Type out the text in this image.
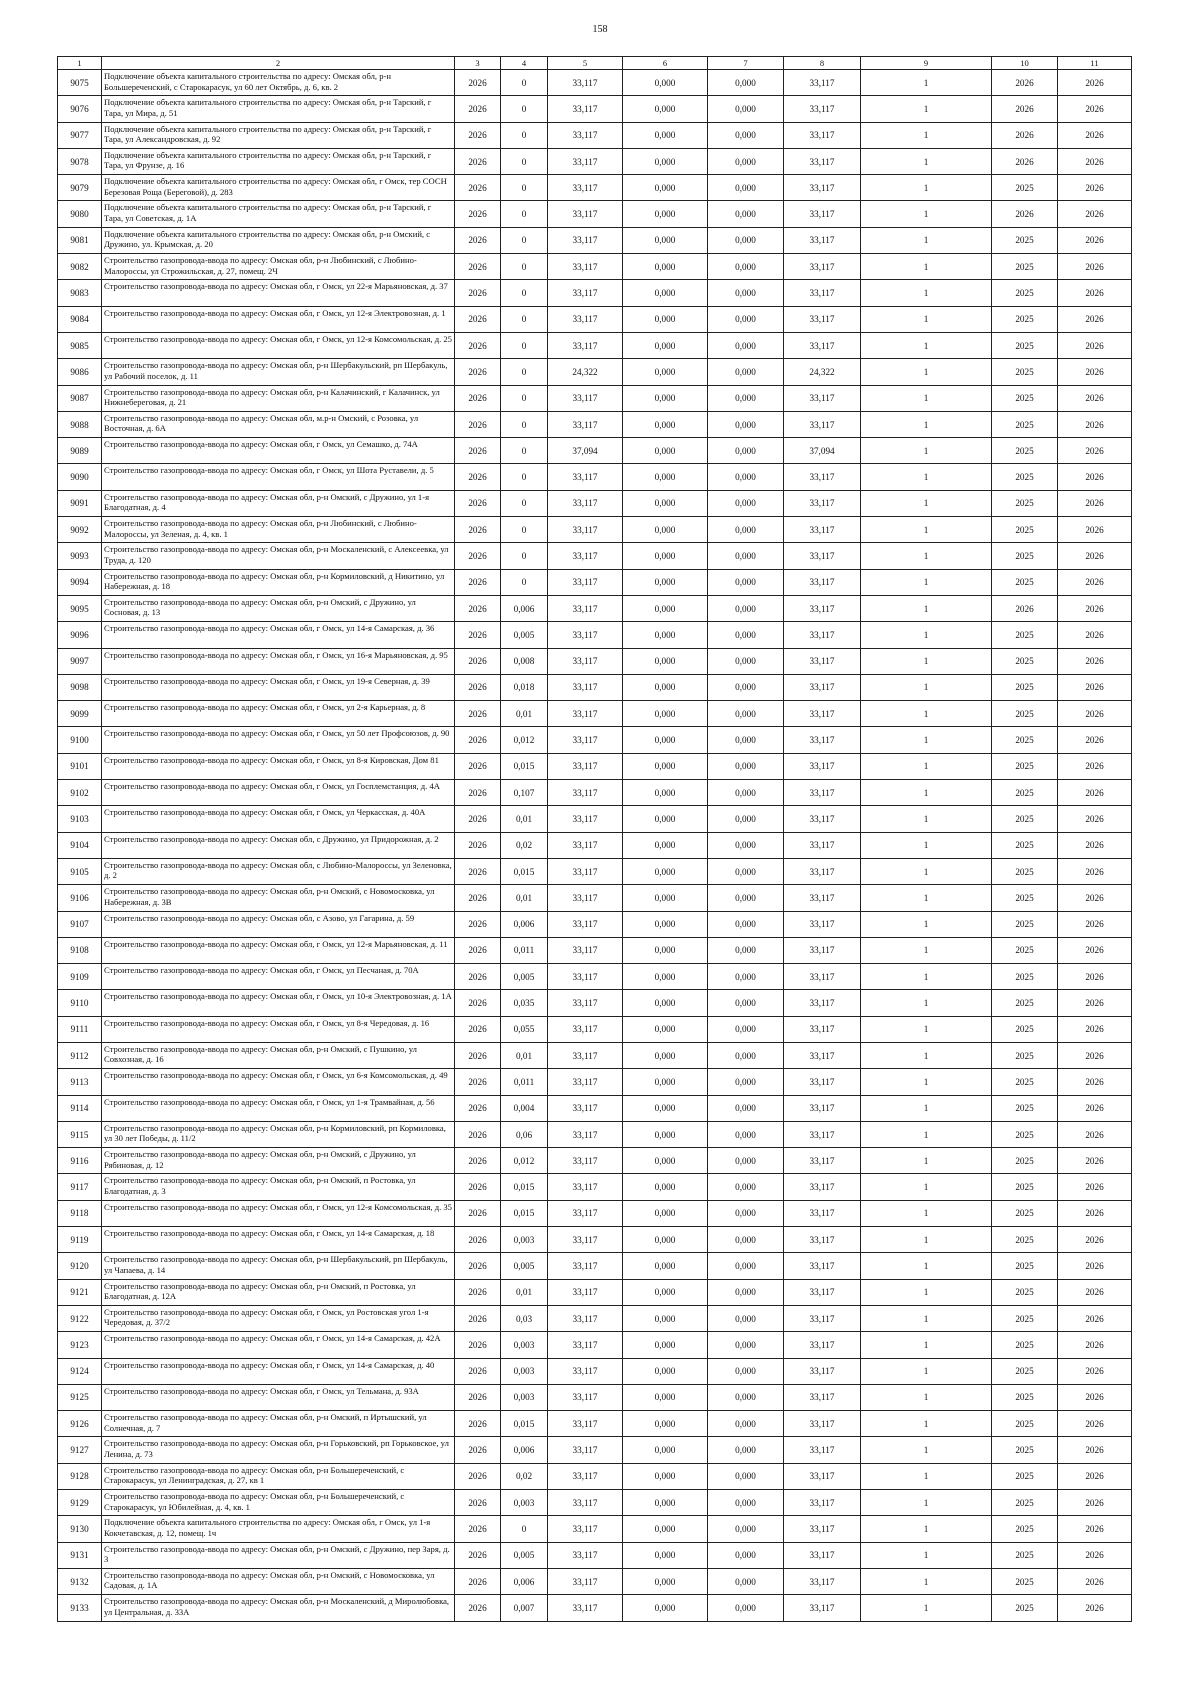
158
1	2	3	4	5	6	7	8	9	10	11
9075	Подключение объекта капитального строительства по адресу: Омская обл, р-н Большереченский, с Старокарасук, ул 60 лет Октябрь, д. 6, кв. 2	2026	0	33,117	0,000	0,000	33,117	1	2026	2026
9076	Подключение объекта капитального строительства по адресу: Омская обл, р-н Тарский, г Тара, ул Мира, д. 51	2026	0	33,117	0,000	0,000	33,117	1	2026	2026
9077	Подключение объекта капитального строительства по адресу: Омская обл, р-н Тарский, г Тара, ул Александровская, д. 92	2026	0	33,117	0,000	0,000	33,117	1	2026	2026
9078	Подключение объекта капитального строительства по адресу: Омская обл, р-н Тарский, г Тара, ул Фрунзе, д. 16	2026	0	33,117	0,000	0,000	33,117	1	2026	2026
9079	Подключение объекта капитального строительства по адресу: Омская обл, г Омск, тер СОСН Березовая Роща (Береговой), д. 283	2026	0	33,117	0,000	0,000	33,117	1	2025	2026
9080	Подключение объекта капитального строительства по адресу: Омская обл, р-н Тарский, г Тара, ул Советская, д. 1А	2026	0	33,117	0,000	0,000	33,117	1	2026	2026
9081	Подключение объекта капитального строительства по адресу: Омская обл, р-н Омский, с Дружино, ул. Крымская, д. 20	2026	0	33,117	0,000	0,000	33,117	1	2025	2026
9082	Строительство газопровода-ввода по адресу: Омская обл, р-н Любинский, с Любино-Малороссы, ул Строжильская, д. 27, помещ. 2Ч	2026	0	33,117	0,000	0,000	33,117	1	2025	2026
9083	Строительство газопровода-ввода по адресу: Омская обл, г Омск, ул 22-я Марьяновская, д. 37	2026	0	33,117	0,000	0,000	33,117	1	2025	2026
9084	Строительство газопровода-ввода по адресу: Омская обл, г Омск, ул 12-я Электровозная, д. 1	2026	0	33,117	0,000	0,000	33,117	1	2025	2026
9085	Строительство газопровода-ввода по адресу: Омская обл, г Омск, ул 12-я Комсомольская, д. 25	2026	0	33,117	0,000	0,000	33,117	1	2025	2026
9086	Строительство газопровода-ввода по адресу: Омская обл, р-н Шербакульский, рп Шербакуль, ул Рабочий поселок, д. 11	2026	0	24,322	0,000	0,000	24,322	1	2025	2026
9087	Строительство газопровода-ввода по адресу: Омская обл, р-н Калачинский, г Калачинск, ул Нижнебереговая, д. 21	2026	0	33,117	0,000	0,000	33,117	1	2025	2026
9088	Строительство газопровода-ввода по адресу: Омская обл, м.р-н Омский, с Розовка, ул Восточная, д. 6А	2026	0	33,117	0,000	0,000	33,117	1	2025	2026
9089	Строительство газопровода-ввода по адресу: Омская обл, г Омск, ул Семашко, д. 74А	2026	0	37,094	0,000	0,000	37,094	1	2025	2026
9090	Строительство газопровода-ввода по адресу: Омская обл, г Омск, ул Шота Руставели, д. 5	2026	0	33,117	0,000	0,000	33,117	1	2025	2026
9091	Строительство газопровода-ввода по адресу: Омская обл, р-н Омский, с Дружино, ул 1-я Благодатная, д. 4	2026	0	33,117	0,000	0,000	33,117	1	2025	2026
9092	Строительство газопровода-ввода по адресу: Омская обл, р-н Любинский, с Любино-Малороссы, ул Зеленая, д. 4, кв. 1	2026	0	33,117	0,000	0,000	33,117	1	2025	2026
9093	Строительство газопровода-ввода по адресу: Омская обл, р-н Москаленский, с Алексеевка, ул Труда, д. 120	2026	0	33,117	0,000	0,000	33,117	1	2025	2026
9094	Строительство газопровода-ввода по адресу: Омская обл, р-н Кормиловский, д Никитино, ул Набережная, д. 18	2026	0	33,117	0,000	0,000	33,117	1	2025	2026
9095	Строительство газопровода-ввода по адресу: Омская обл, р-н Омский, с Дружино, ул Сосновая, д. 13	2026	0,006	33,117	0,000	0,000	33,117	1	2026	2026
9096	Строительство газопровода-ввода по адресу: Омская обл, г Омск, ул 14-я Самарская, д. 36	2026	0,005	33,117	0,000	0,000	33,117	1	2025	2026
9097	Строительство газопровода-ввода по адресу: Омская обл, г Омск, ул 16-я Марьяновская, д. 95	2026	0,008	33,117	0,000	0,000	33,117	1	2025	2026
9098	Строительство газопровода-ввода по адресу: Омская обл, г Омск, ул 19-я Северная, д. 39	2026	0,018	33,117	0,000	0,000	33,117	1	2025	2026
9099	Строительство газопровода-ввода по адресу: Омская обл, г Омск, ул 2-я Карьерная, д. 8	2026	0,01	33,117	0,000	0,000	33,117	1	2025	2026
9100	Строительство газопровода-ввода по адресу: Омская обл, г Омск, ул 50 лет Профсоюзов, д. 90	2026	0,012	33,117	0,000	0,000	33,117	1	2025	2026
9101	Строительство газопровода-ввода по адресу: Омская обл, г Омск, ул 8-я Кировская, Дом 81	2026	0,015	33,117	0,000	0,000	33,117	1	2025	2026
9102	Строительство газопровода-ввода по адресу: Омская обл, г Омск, ул Госплемстанция, д. 4А	2026	0,107	33,117	0,000	0,000	33,117	1	2025	2026
9103	Строительство газопровода-ввода по адресу: Омская обл, г Омск, ул Черкасская, д. 40А	2026	0,01	33,117	0,000	0,000	33,117	1	2025	2026
9104	Строительство газопровода-ввода по адресу: Омская обл, с Дружино, ул Придорожная, д. 2	2026	0,02	33,117	0,000	0,000	33,117	1	2025	2026
9105	Строительство газопровода-ввода по адресу: Омская обл, с Любино-Малороссы, ул Зеленовка, д. 2	2026	0,015	33,117	0,000	0,000	33,117	1	2025	2026
9106	Строительство газопровода-ввода по адресу: Омская обл, р-н Омский, с Новомосковка, ул Набережная, д. 3В	2026	0,01	33,117	0,000	0,000	33,117	1	2025	2026
9107	Строительство газопровода-ввода по адресу: Омская обл, с Азово, ул Гагарина, д. 59	2026	0,006	33,117	0,000	0,000	33,117	1	2025	2026
9108	Строительство газопровода-ввода по адресу: Омская обл, г Омск, ул 12-я Марьяновская, д. 11	2026	0,011	33,117	0,000	0,000	33,117	1	2025	2026
9109	Строительство газопровода-ввода по адресу: Омская обл, г Омск, ул Песчаная, д. 70А	2026	0,005	33,117	0,000	0,000	33,117	1	2025	2026
9110	Строительство газопровода-ввода по адресу: Омская обл, г Омск, ул 10-я Электровозная, д. 1А	2026	0,035	33,117	0,000	0,000	33,117	1	2025	2026
9111	Строительство газопровода-ввода по адресу: Омская обл, г Омск, ул 8-я Чередовая, д. 16	2026	0,055	33,117	0,000	0,000	33,117	1	2025	2026
9112	Строительство газопровода-ввода по адресу: Омская обл, р-н Омский, с Пушкино, ул Совхозная, д. 16	2026	0,01	33,117	0,000	0,000	33,117	1	2025	2026
9113	Строительство газопровода-ввода по адресу: Омская обл, г Омск, ул 6-я Комсомольская, д. 49	2026	0,011	33,117	0,000	0,000	33,117	1	2025	2026
9114	Строительство газопровода-ввода по адресу: Омская обл, г Омск, ул 1-я Трамвайная, д. 56	2026	0,004	33,117	0,000	0,000	33,117	1	2025	2026
9115	Строительство газопровода-ввода по адресу: Омская обл, р-н Кормиловский, рп Кормиловка, ул 30 лет Победы, д. 11/2	2026	0,06	33,117	0,000	0,000	33,117	1	2025	2026
9116	Строительство газопровода-ввода по адресу: Омская обл, р-н Омский, с Дружино, ул Рябиновая, д. 12	2026	0,012	33,117	0,000	0,000	33,117	1	2025	2026
9117	Строительство газопровода-ввода по адресу: Омская обл, р-н Омский, п Ростовка, ул Благодатная, д. 3	2026	0,015	33,117	0,000	0,000	33,117	1	2025	2026
9118	Строительство газопровода-ввода по адресу: Омская обл, г Омск, ул 12-я Комсомольская, д. 35	2026	0,015	33,117	0,000	0,000	33,117	1	2025	2026
9119	Строительство газопровода-ввода по адресу: Омская обл, г Омск, ул 14-я Самарская, д. 18	2026	0,003	33,117	0,000	0,000	33,117	1	2025	2026
9120	Строительство газопровода-ввода по адресу: Омская обл, р-н Шербакульский, рп Шербакуль, ул Чапаева, д. 14	2026	0,005	33,117	0,000	0,000	33,117	1	2025	2026
9121	Строительство газопровода-ввода по адресу: Омская обл, р-н Омский, п Ростовка, ул Благодатная, д. 12А	2026	0,01	33,117	0,000	0,000	33,117	1	2025	2026
9122	Строительство газопровода-ввода по адресу: Омская обл, г Омск, ул Ростовская угол 1-я Чередовая, д. 37/2	2026	0,03	33,117	0,000	0,000	33,117	1	2025	2026
9123	Строительство газопровода-ввода по адресу: Омская обл, г Омск, ул 14-я Самарская, д. 42А	2026	0,003	33,117	0,000	0,000	33,117	1	2025	2026
9124	Строительство газопровода-ввода по адресу: Омская обл, г Омск, ул 14-я Самарская, д. 40	2026	0,003	33,117	0,000	0,000	33,117	1	2025	2026
9125	Строительство газопровода-ввода по адресу: Омская обл, г Омск, ул Тельмана, д. 93А	2026	0,003	33,117	0,000	0,000	33,117	1	2025	2026
9126	Строительство газопровода-ввода по адресу: Омская обл, р-н Омский, п Иртышский, ул Солнечная, д. 7	2026	0,015	33,117	0,000	0,000	33,117	1	2025	2026
9127	Строительство газопровода-ввода по адресу: Омская обл, р-н Горьковский, рп Горьковское, ул Ленина, д. 73	2026	0,006	33,117	0,000	0,000	33,117	1	2025	2026
9128	Строительство газопровода-ввода по адресу: Омская обл, р-н Большереченский, с Старокарасук, ул Ленинградская, д. 27, кв 1	2026	0,02	33,117	0,000	0,000	33,117	1	2025	2026
9129	Строительство газопровода-ввода по адресу: Омская обл, р-н Большереченский, с Старокарасук, ул Юбилейная, д. 4, кв. 1	2026	0,003	33,117	0,000	0,000	33,117	1	2025	2026
9130	Подключение объекта капитального строительства по адресу: Омская обл, г Омск, ул 1-я Кокчетавская, д. 12, помещ. 1ч	2026	0	33,117	0,000	0,000	33,117	1	2025	2026
9131	Строительство газопровода-ввода по адресу: Омская обл, р-н Омский, с Дружино, пер Заря, д. 3	2026	0,005	33,117	0,000	0,000	33,117	1	2025	2026
9132	Строительство газопровода-ввода по адресу: Омская обл, р-н Омский, с Новомосковка, ул Садовая, д. 1А	2026	0,006	33,117	0,000	0,000	33,117	1	2025	2026
9133	Строительство газопровода-ввода по адресу: Омская обл, р-н Москаленский, д Миролюбовка, ул Центральная, д. 33А	2026	0,007	33,117	0,000	0,000	33,117	1	2025	2026
